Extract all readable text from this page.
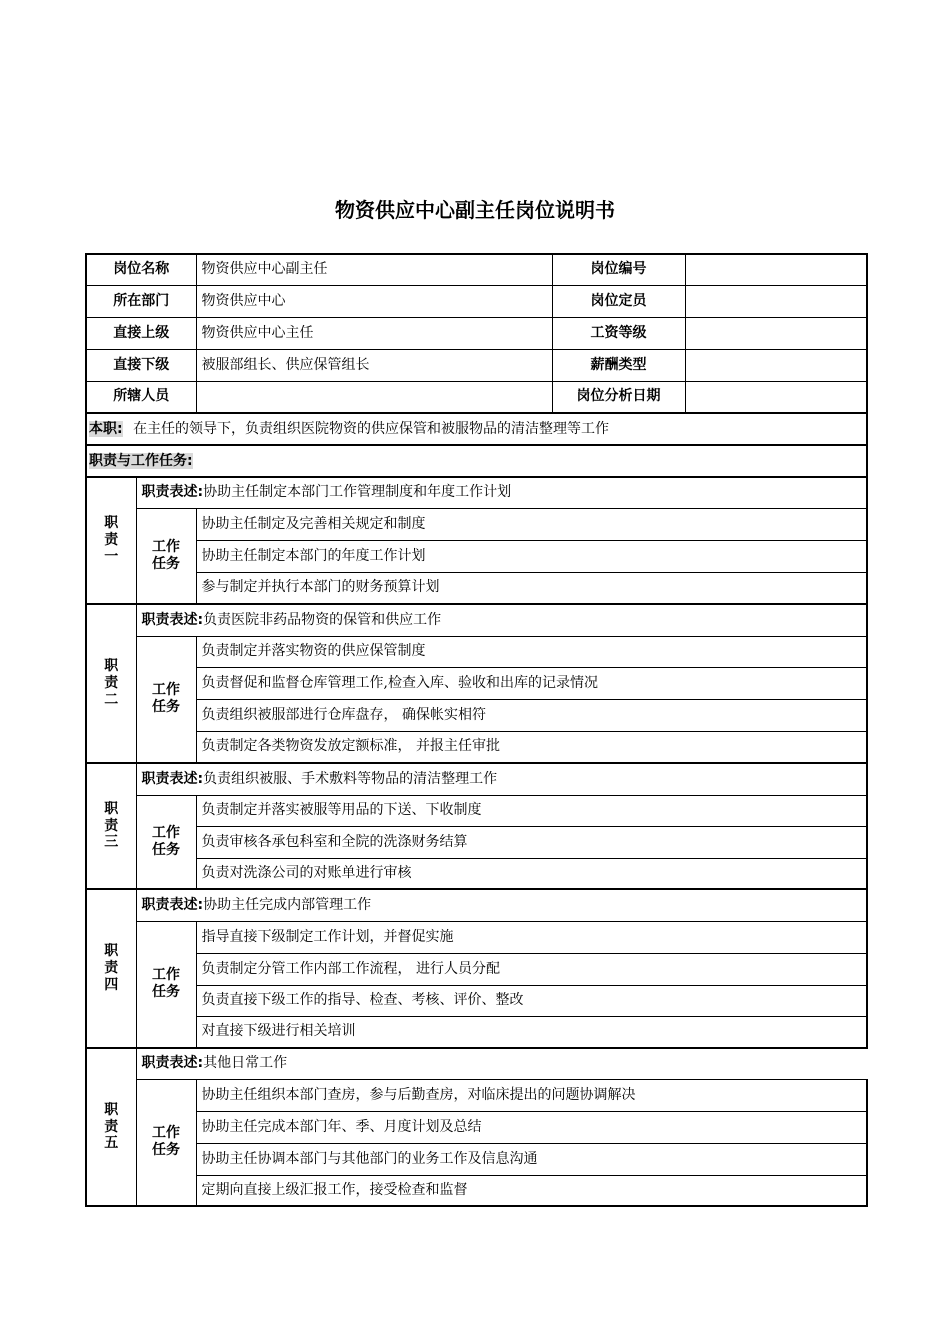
物资供应中心副主任岗位说明书
岗位名称		物资供应中心副主任	岗位编号	
所在部门		物资供应中心	岗位定员	
直接上级		物资供应中心主任	工资等级	
直接下级		被服部组长、供应保管组长	薪酬类型	
所辖人员			岗位分析日期	
本职: 在主任的领导下，负责组织医院物资的供应保管和被服物品的清洁整理等工作				
职责与工作任务:				
职
责
一	职责表述:协助主任制定本部门工作管理制度和年度工作计划			
	工作
任务	协助主任制定及完善相关规定和制度		
		协助主任制定本部门的年度工作计划		
		参与制定并执行本部门的财务预算计划		
职
责
二	职责表述:负责医院非药品物资的保管和供应工作			
	工作
任务	负责制定并落实物资的供应保管制度		
		负责督促和监督仓库管理工作,检查入库、验收和出库的记录情况		
		负责组织被服部进行仓库盘存， 确保帐实相符		
		负责制定各类物资发放定额标准， 并报主任审批		
职
责
三	职责表述:负责组织被服、手术敷料等物品的清洁整理工作			
	工作
任务	负责制定并落实被服等用品的下送、下收制度		
		负责审核各承包科室和全院的洗涤财务结算		
		负责对洗涤公司的对账单进行审核		
职
责
四	职责表述:协助主任完成内部管理工作			
	工作
任务	指导直接下级制定工作计划，并督促实施		
		负责制定分管工作内部工作流程， 进行人员分配		
		负责直接下级工作的指导、检查、考核、评价、整改		
		对直接下级进行相关培训		
职
责
五	职责表述:其他日常工作			
	工作
任务	协助主任组织本部门查房，参与后勤查房，对临床提出的问题协调解决		
		协助主任完成本部门年、季、月度计划及总结		
		协助主任协调本部门与其他部门的业务工作及信息沟通		
		定期向直接上级汇报工作，接受检查和监督		
